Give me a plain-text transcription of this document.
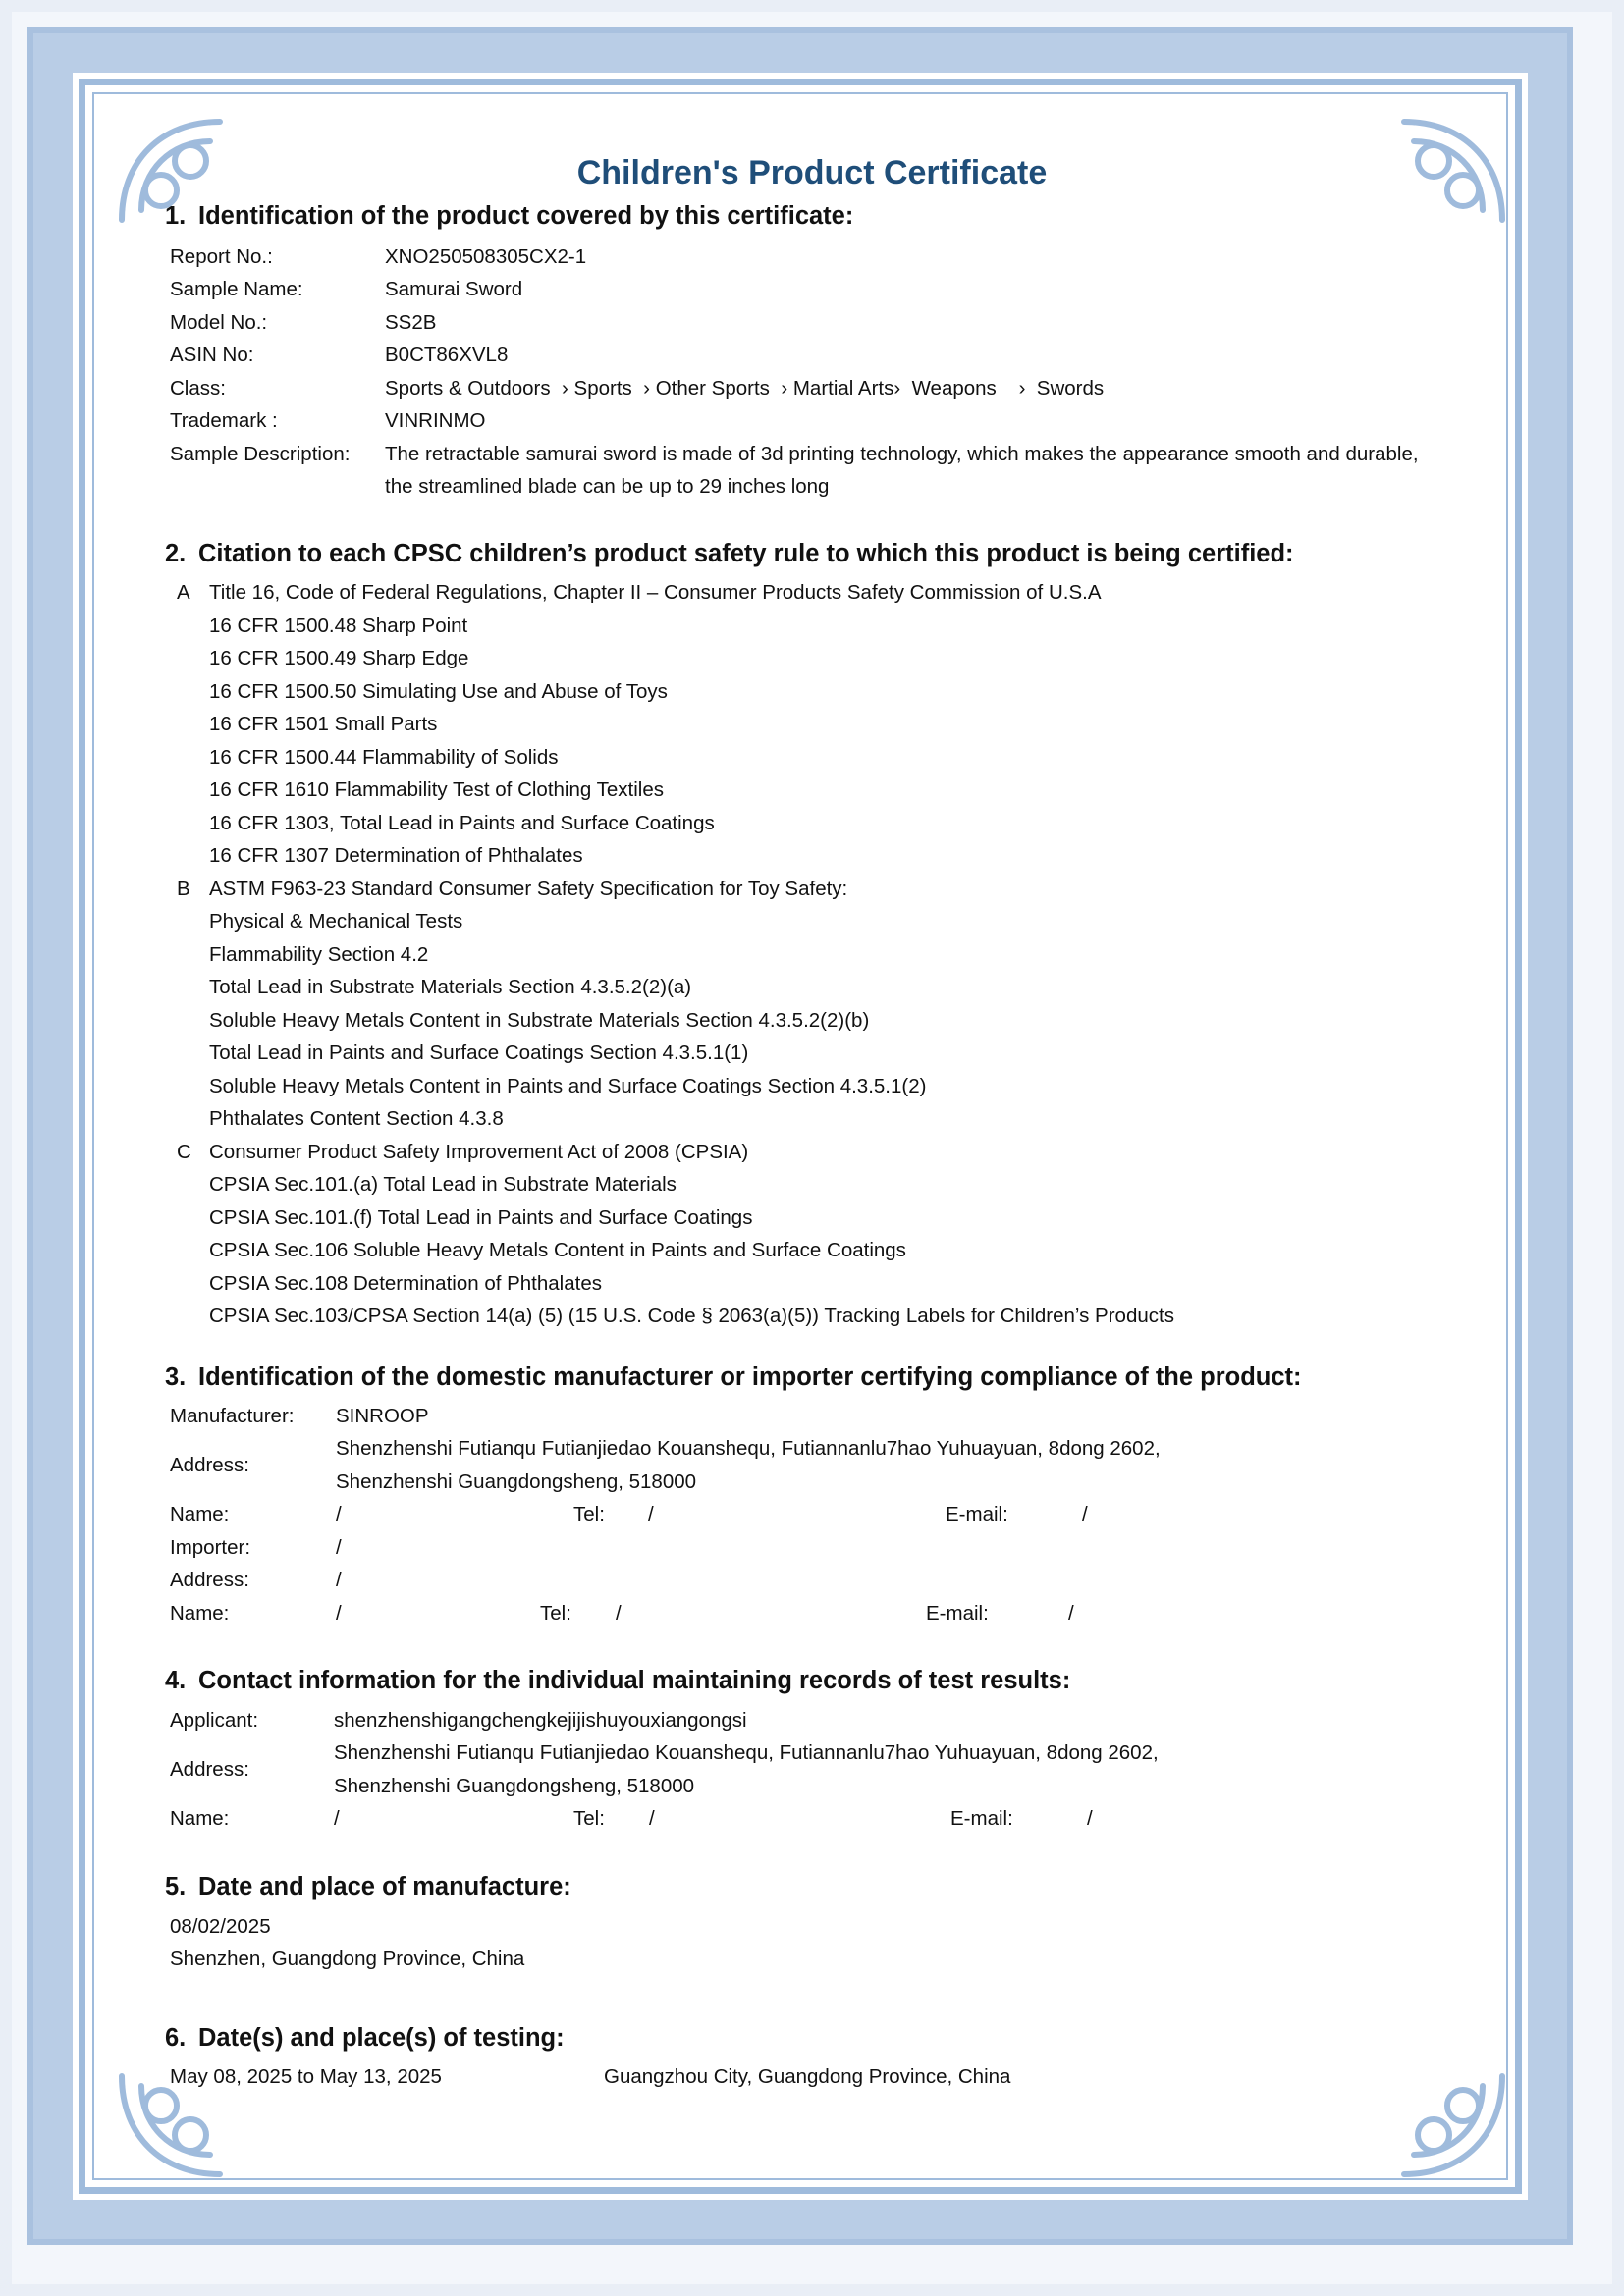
Children's Product Certificate
1. Identification of the product covered by this certificate:
Report No.:	XNO250508305CX2-1
Sample Name:	Samurai Sword
Model No.:	SS2B
ASIN No:	B0CT86XVL8
Class:	Sports & Outdoors  › Sports  › Other Sports  › Martial Arts›  Weapons    ›  Swords
Trademark :	VINRINMO
Sample Description: The retractable samurai sword is made of 3d printing technology, which makes the appearance smooth and durable,
the streamlined blade can be up to 29 inches long
2. Citation to each CPSC children’s product safety rule to which this product is being certified:
A Title 16, Code of Federal Regulations, Chapter II – Consumer Products Safety Commission of U.S.A
16 CFR 1500.48 Sharp Point
16 CFR 1500.49 Sharp Edge
16 CFR 1500.50 Simulating Use and Abuse of Toys
16 CFR 1501 Small Parts
16 CFR 1500.44 Flammability of Solids
16 CFR 1610 Flammability Test of Clothing Textiles
16 CFR 1303, Total Lead in Paints and Surface Coatings
16 CFR 1307 Determination of Phthalates
B ASTM F963-23 Standard Consumer Safety Specification for Toy Safety:
Physical & Mechanical Tests
Flammability Section 4.2
Total Lead in Substrate Materials Section 4.3.5.2(2)(a)
Soluble Heavy Metals Content in Substrate Materials Section 4.3.5.2(2)(b)
Total Lead in Paints and Surface Coatings Section 4.3.5.1(1)
Soluble Heavy Metals Content in Paints and Surface Coatings Section 4.3.5.1(2)
Phthalates Content Section 4.3.8
C Consumer Product Safety Improvement Act of 2008 (CPSIA)
CPSIA Sec.101.(a) Total Lead in Substrate Materials
CPSIA Sec.101.(f) Total Lead in Paints and Surface Coatings
CPSIA Sec.106 Soluble Heavy Metals Content in Paints and Surface Coatings
CPSIA Sec.108 Determination of Phthalates
CPSIA Sec.103/CPSA Section 14(a) (5) (15 U.S. Code § 2063(a)(5)) Tracking Labels for Children’s Products
3. Identification of the domestic manufacturer or importer certifying compliance of the product:
Manufacturer: SINROOP
Address:
Shenzhenshi Futianqu Futianjiedao Kouanshequ, Futiannanlu7hao Yuhuayuan, 8dong 2602,
Shenzhenshi Guangdongsheng, 518000
Name:	/	Tel: /	E-mail:	/
Importer:	/
Address:	/
Name:	/	Tel: /	E-mail:	/
4. Contact information for the individual maintaining records of test results:
Applicant:	shenzhenshigangchengkejijishuyouxiangongsi
Address:
Shenzhenshi Futianqu Futianjiedao Kouanshequ, Futiannanlu7hao Yuhuayuan, 8dong 2602,
Shenzhenshi Guangdongsheng, 518000
Name:	/	Tel: /	E-mail:	/
5. Date and place of manufacture:
08/02/2025
Shenzhen, Guangdong Province, China
6. Date(s) and place(s) of testing:
May 08, 2025 to May 13, 2025	Guangzhou City, Guangdong Province, China
